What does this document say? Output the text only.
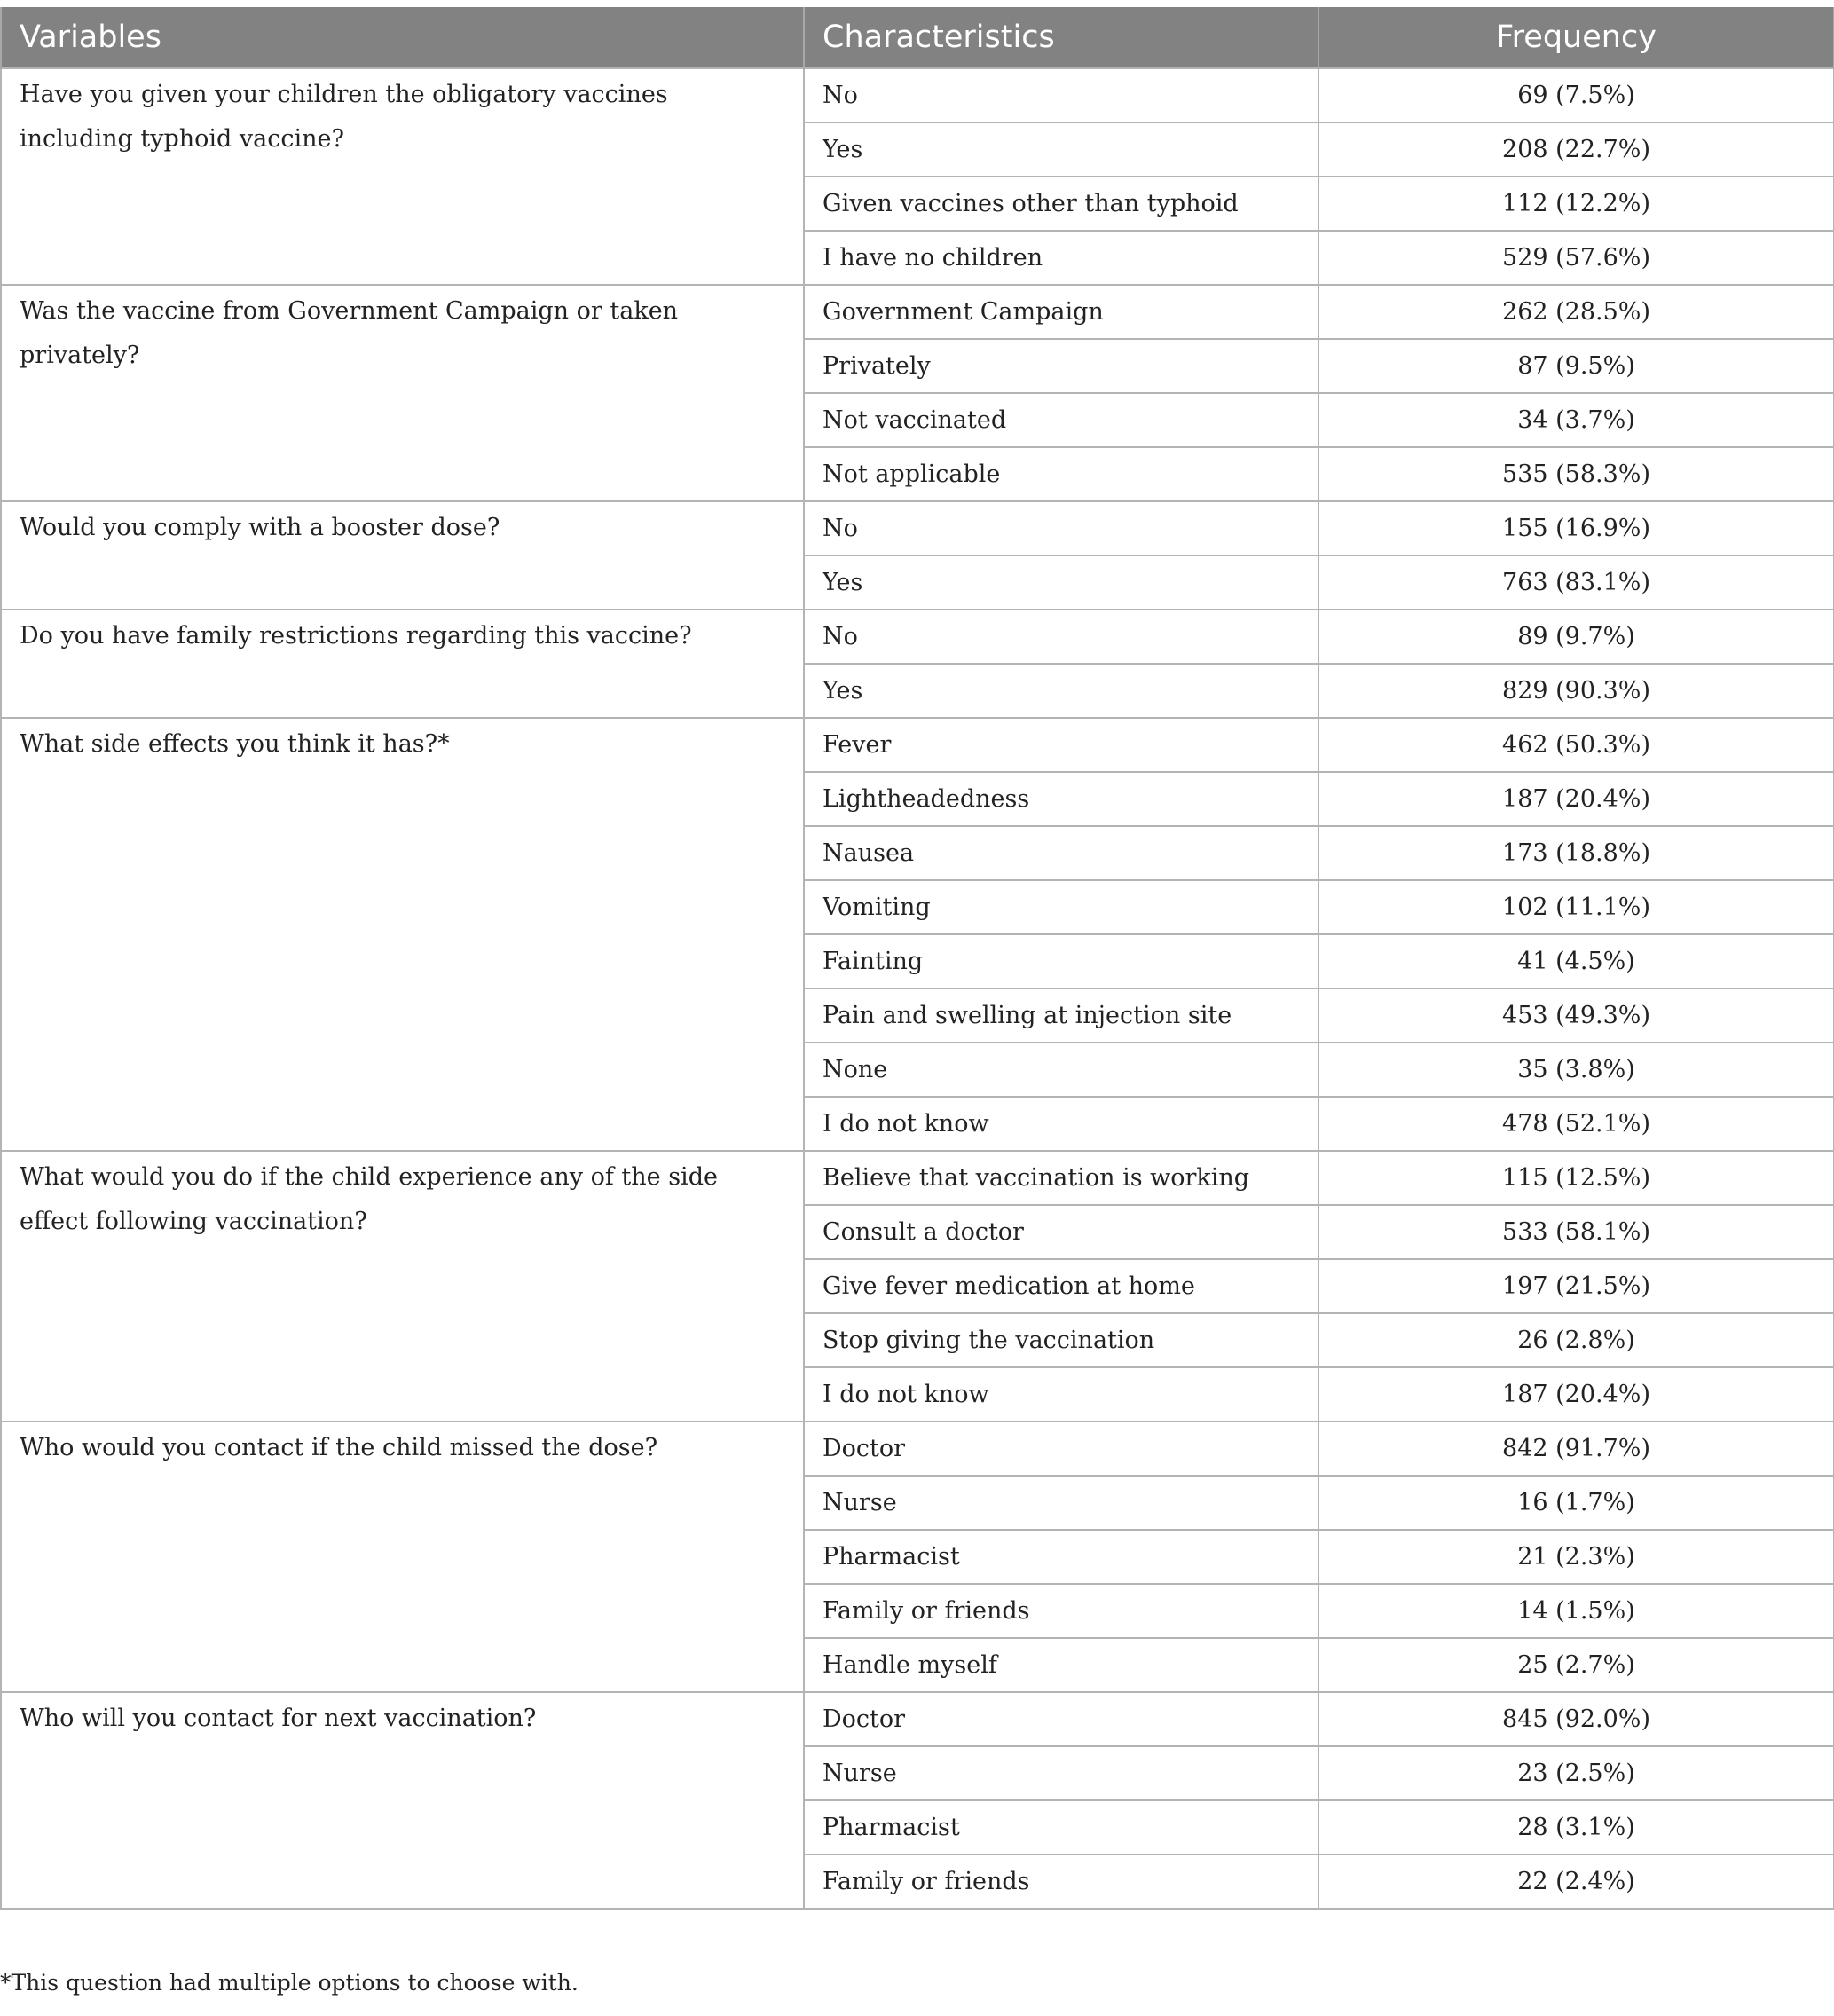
Variables	Characteristics	Frequency
Have you given your children the obligatory vaccines including typhoid vaccine?	No	69 (7.5%)
	Yes	208 (22.7%)
	Given vaccines other than typhoid	112 (12.2%)
	I have no children	529 (57.6%)
Was the vaccine from Government Campaign or taken privately?	Government Campaign	262 (28.5%)
	Privately	87 (9.5%)
	Not vaccinated	34 (3.7%)
	Not applicable	535 (58.3%)
Would you comply with a booster dose?	No	155 (16.9%)
	Yes	763 (83.1%)
Do you have family restrictions regarding this vaccine?	No	89 (9.7%)
	Yes	829 (90.3%)
What side effects you think it has?*	Fever	462 (50.3%)
	Lightheadedness	187 (20.4%)
	Nausea	173 (18.8%)
	Vomiting	102 (11.1%)
	Fainting	41 (4.5%)
	Pain and swelling at injection site	453 (49.3%)
	None	35 (3.8%)
	I do not know	478 (52.1%)
What would you do if the child experience any of the side effect following vaccination?	Believe that vaccination is working	115 (12.5%)
	Consult a doctor	533 (58.1%)
	Give fever medication at home	197 (21.5%)
	Stop giving the vaccination	26 (2.8%)
	I do not know	187 (20.4%)
Who would you contact if the child missed the dose?	Doctor	842 (91.7%)
	Nurse	16 (1.7%)
	Pharmacist	21 (2.3%)
	Family or friends	14 (1.5%)
	Handle myself	25 (2.7%)
Who will you contact for next vaccination?	Doctor	845 (92.0%)
	Nurse	23 (2.5%)
	Pharmacist	28 (3.1%)
	Family or friends	22 (2.4%)
*This question had multiple options to choose with.
